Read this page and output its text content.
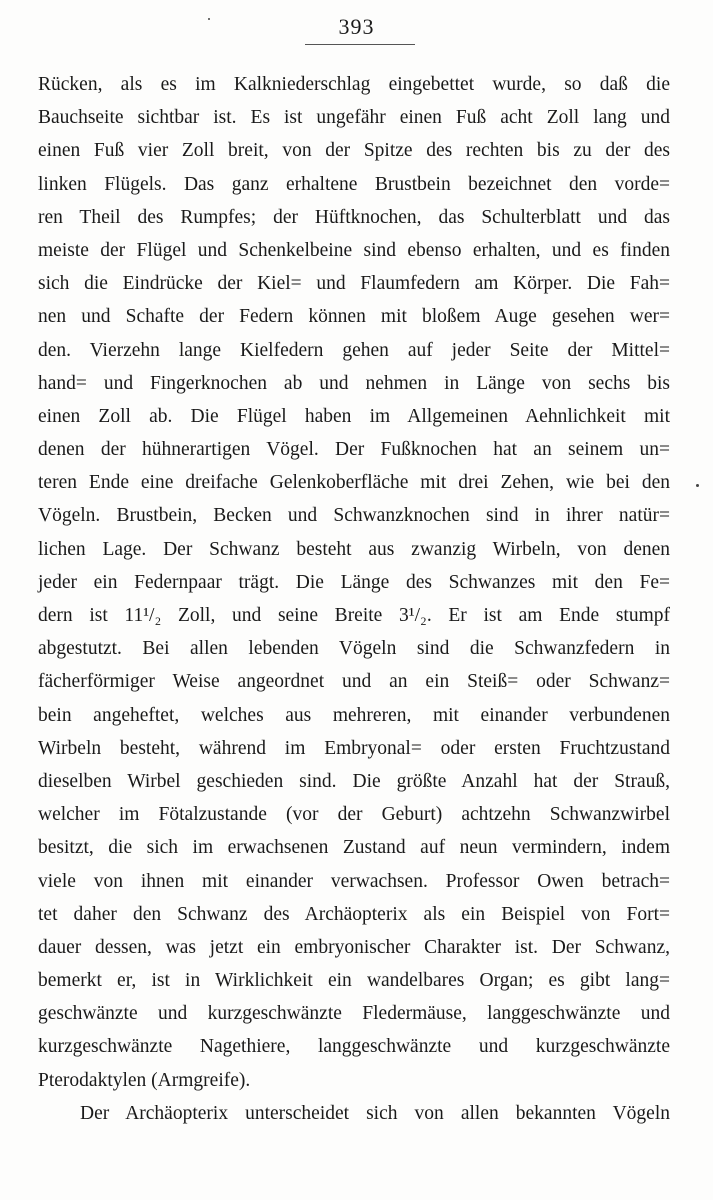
393
Rücken, als es im Kalkniederschlag eingebettet wurde, so daß die
Bauchseite sichtbar ist. Es ist ungefähr einen Fuß acht Zoll lang und
einen Fuß vier Zoll breit, von der Spitze des rechten bis zu der des
linken Flügels. Das ganz erhaltene Brustbein bezeichnet den vorde=
ren Theil des Rumpfes; der Hüftknochen, das Schulterblatt und das
meiste der Flügel und Schenkelbeine sind ebenso erhalten, und es finden
sich die Eindrücke der Kiel= und Flaumfedern am Körper. Die Fah=
nen und Schafte der Federn können mit bloßem Auge gesehen wer=
den. Vierzehn lange Kielfedern gehen auf jeder Seite der Mittel=
hand= und Fingerknochen ab und nehmen in Länge von sechs bis
einen Zoll ab. Die Flügel haben im Allgemeinen Aehnlichkeit mit
denen der hühnerartigen Vögel. Der Fußknochen hat an seinem un=
teren Ende eine dreifache Gelenkoberfläche mit drei Zehen, wie bei den
Vögeln. Brustbein, Becken und Schwanzknochen sind in ihrer natür=
lichen Lage. Der Schwanz besteht aus zwanzig Wirbeln, von denen
jeder ein Federnpaar trägt. Die Länge des Schwanzes mit den Fe=
dern ist 11¹/₂ Zoll, und seine Breite 3¹/₂. Er ist am Ende stumpf
abgestutzt. Bei allen lebenden Vögeln sind die Schwanzfedern in
fächerförmiger Weise angeordnet und an ein Steiß= oder Schwanz=
bein angeheftet, welches aus mehreren, mit einander verbundenen
Wirbeln besteht, während im Embryonal= oder ersten Fruchtzustand
dieselben Wirbel geschieden sind. Die größte Anzahl hat der Strauß,
welcher im Fötalzustande (vor der Geburt) achtzehn Schwanzwirbel
besitzt, die sich im erwachsenen Zustand auf neun vermindern, indem
viele von ihnen mit einander verwachsen. Professor Owen betrach=
tet daher den Schwanz des Archäopterix als ein Beispiel von Fort=
dauer dessen, was jetzt ein embryonischer Charakter ist. Der Schwanz,
bemerkt er, ist in Wirklichkeit ein wandelbares Organ; es gibt lang=
geschwänzte und kurzgeschwänzte Fledermäuse, langgeschwänzte und
kurzgeschwänzte Nagethiere, langgeschwänzte und kurzgeschwänzte
Pterodaktylen (Armgreife).
Der Archäopterix unterscheidet sich von allen bekannten Vögeln
